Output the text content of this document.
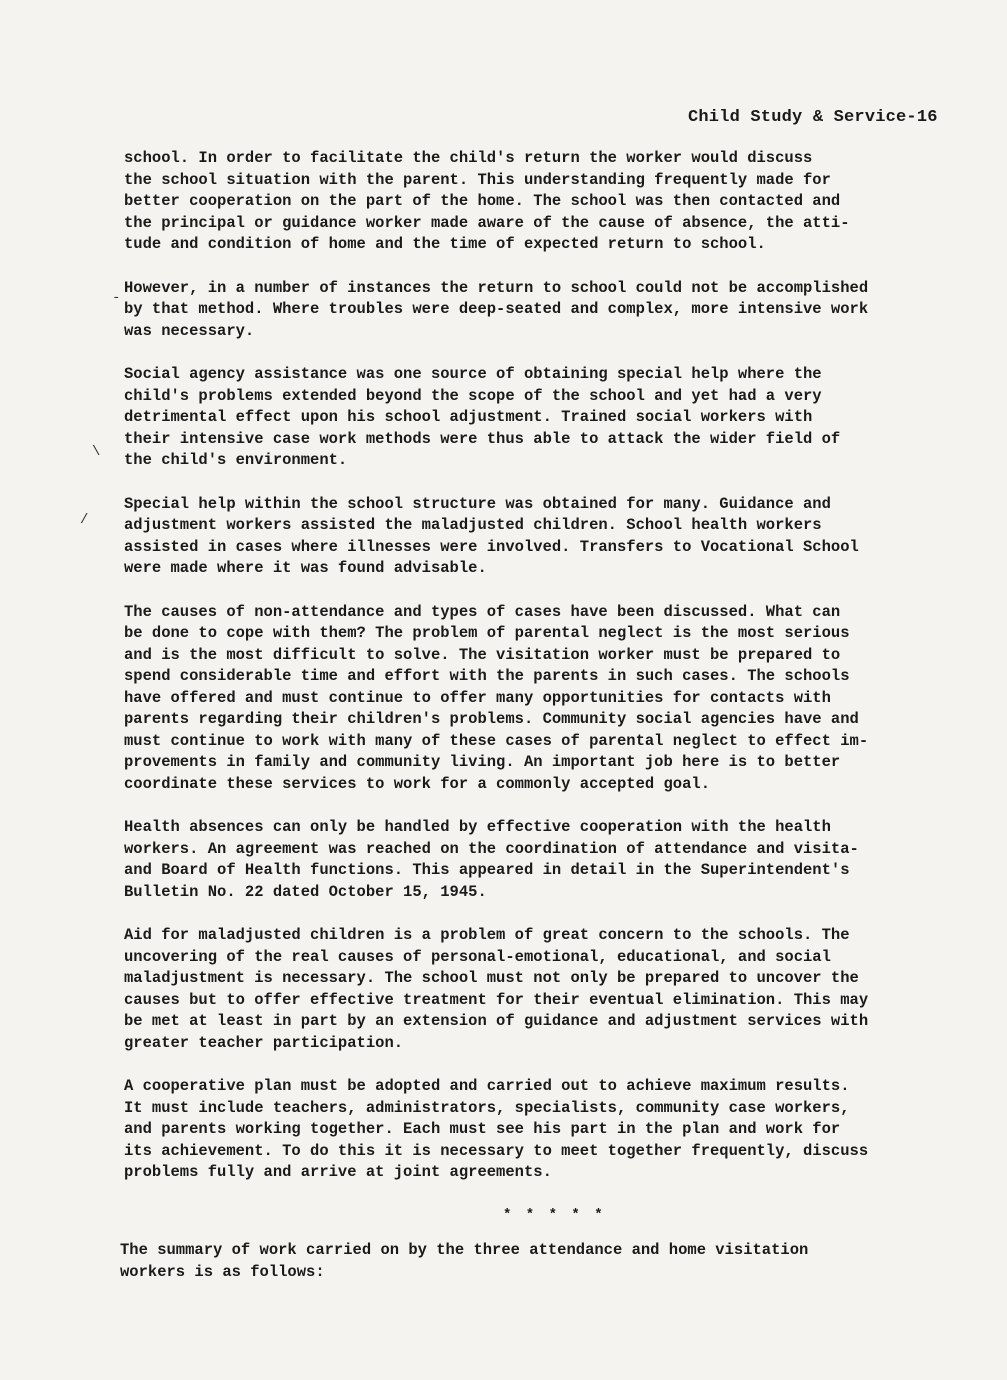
Child Study & Service-16

school. In order to facilitate the child's return the worker would discuss
the school situation with the parent. This understanding frequently made for
better cooperation on the part of the home. The school was then contacted and
the principal or guidance worker made aware of the cause of absence, the atti-
tude and condition of home and the time of expected return to school.

However, in a number of instances the return to school could not be accomplished
by that method. Where troubles were deep-seated and complex, more intensive work
was necessary.

Social agency assistance was one source of obtaining special help where the
child's problems extended beyond the scope of the school and yet had a very
detrimental effect upon his school adjustment. Trained social workers with
their intensive case work methods were thus able to attack the wider field of
the child's environment.

Special help within the school structure was obtained for many. Guidance and
adjustment workers assisted the maladjusted children. School health workers
assisted in cases where illnesses were involved. Transfers to Vocational School
were made where it was found advisable.

The causes of non-attendance and types of cases have been discussed. What can
be done to cope with them? The problem of parental neglect is the most serious
and is the most difficult to solve. The visitation worker must be prepared to
spend considerable time and effort with the parents in such cases. The schools
have offered and must continue to offer many opportunities for contacts with
parents regarding their children's problems. Community social agencies have and
must continue to work with many of these cases of parental neglect to effect im-
provements in family and community living. An important job here is to better
coordinate these services to work for a commonly accepted goal.

Health absences can only be handled by effective cooperation with the health
workers. An agreement was reached on the coordination of attendance and visita-
and Board of Health functions. This appeared in detail in the Superintendent's
Bulletin No. 22 dated October 15, 1945.

Aid for maladjusted children is a problem of great concern to the schools. The
uncovering of the real causes of personal-emotional, educational, and social
maladjustment is necessary. The school must not only be prepared to uncover the
causes but to offer effective treatment for their eventual elimination. This may
be met at least in part by an extension of guidance and adjustment services with
greater teacher participation.

A cooperative plan must be adopted and carried out to achieve maximum results.
It must include teachers, administrators, specialists, community case workers,
and parents working together. Each must see his part in the plan and work for
its achievement. To do this it is necessary to meet together frequently, discuss
problems fully and arrive at joint agreements.

* * * * *
The summary of work carried on by the three attendance and home visitation
workers is as follows:
-
\
/
